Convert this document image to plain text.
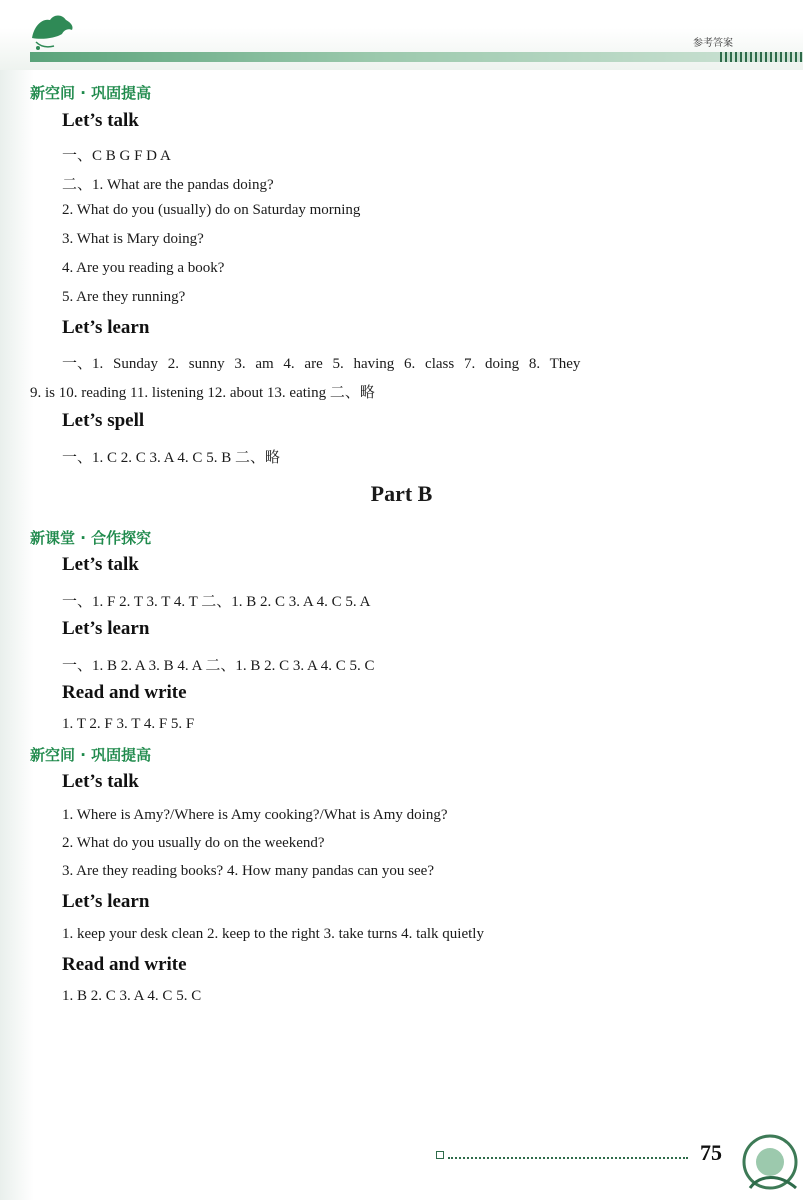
参考答案
新空间 · 巩固提高
Let’s talk
一、C B G F D A
二、1. What are the pandas doing?
2. What do you (usually) do on Saturday morning
3. What is Mary doing?
4. Are you reading a book?
5. Are they running?
Let’s learn
一、1. Sunday 2. sunny 3. am 4. are 5. having 6. class 7. doing 8. They
9. is 10. reading 11. listening 12. about 13. eating 二、略
Let’s spell
一、1. C 2. C 3. A 4. C 5. B 二、略
Part B
新课堂 · 合作探究
Let’s talk
一、1. F 2. T 3. T 4. T 二、1. B 2. C 3. A 4. C 5. A
Let’s learn
一、1. B 2. A 3. B 4. A 二、1. B 2. C 3. A 4. C 5. C
Read and write
1. T 2. F 3. T 4. F 5. F
新空间 · 巩固提高
Let’s talk
1. Where is Amy?/Where is Amy cooking?/What is Amy doing?
2. What do you usually do on the weekend?
3. Are they reading books? 4. How many pandas can you see?
Let’s learn
1. keep your desk clean 2. keep to the right 3. take turns 4. talk quietly
Read and write
1. B 2. C 3. A 4. C 5. C
75
